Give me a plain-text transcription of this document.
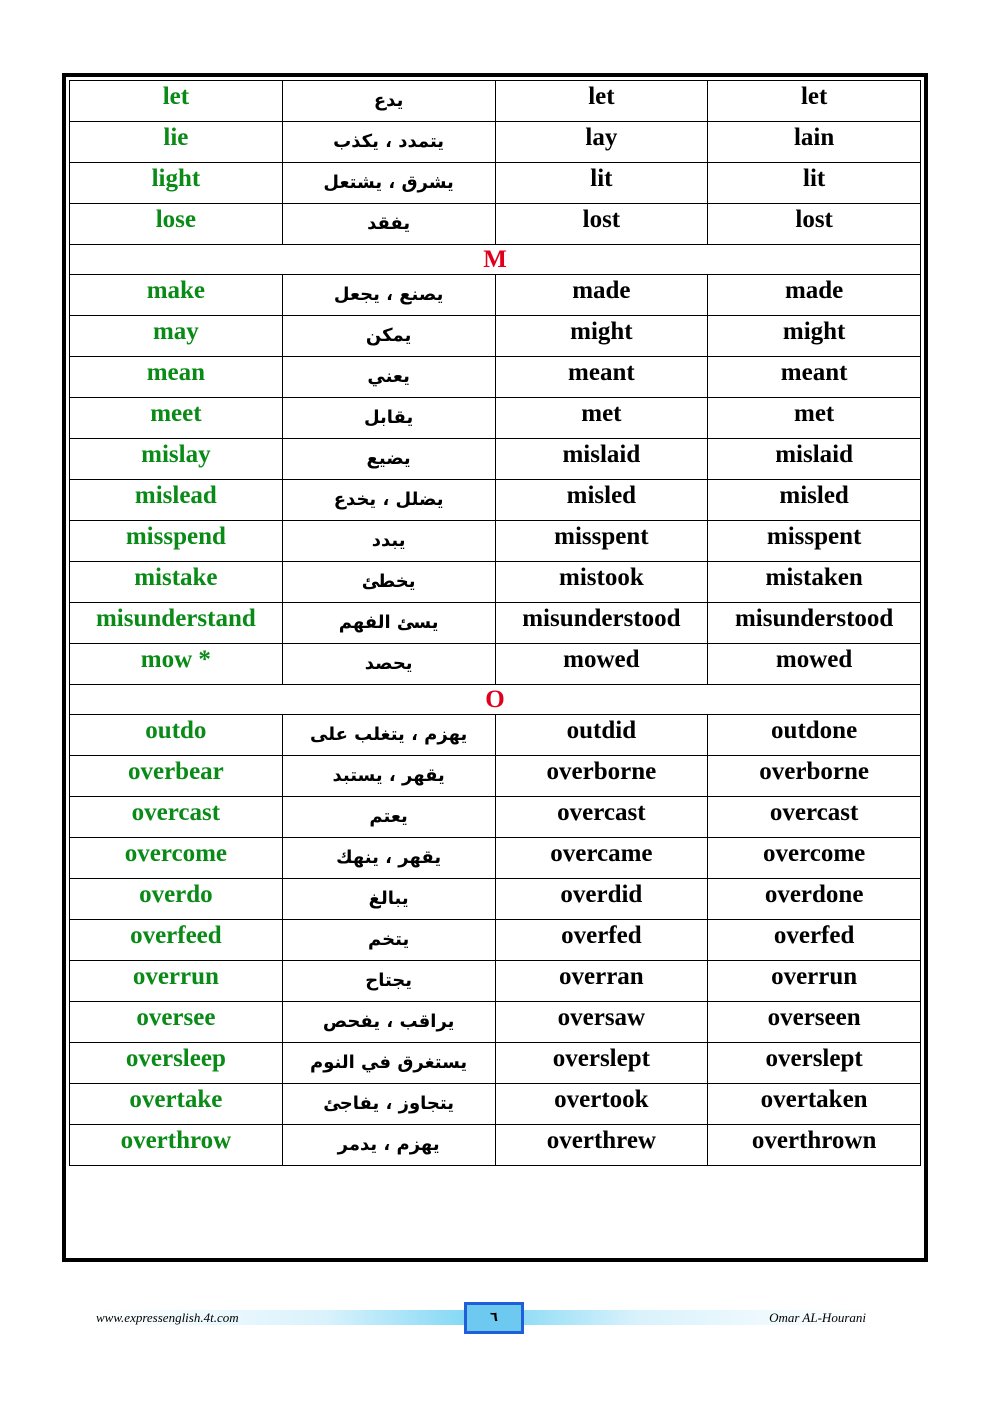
let	يدع	let	let
lie	يتمدد ، يكذب	lay	lain
light	يشرق ، يشتعل	lit	lit
lose	يفقد	lost	lost
M			
make	يصنع ، يجعل	made	made
may	يمكن	might	might
mean	يعني	meant	meant
meet	يقابل	met	met
mislay	يضيع	mislaid	mislaid
mislead	يضلل ، يخدع	misled	misled
misspend	يبدد	misspent	misspent
mistake	يخطئ	mistook	mistaken
misunderstand	يسئ الفهم	misunderstood	misunderstood
mow *	يحصد	mowed	mowed
O			
outdo	يهزم ، يتغلب على	outdid	outdone
overbear	يقهر ، يستبد	overborne	overborne
overcast	يعتم	overcast	overcast
overcome	يقهر ، ينهك	overcame	overcome
overdo	يبالغ	overdid	overdone
overfeed	يتخم	overfed	overfed
overrun	يجتاح	overran	overrun
oversee	يراقب ، يفحص	oversaw	overseen
oversleep	يستغرق في النوم	overslept	overslept
overtake	يتجاوز ، يفاجئ	overtook	overtaken
overthrow	يهزم ، يدمر	overthrew	overthrown
www.expressenglish.4t.com	٦	Omar AL-Hourani
